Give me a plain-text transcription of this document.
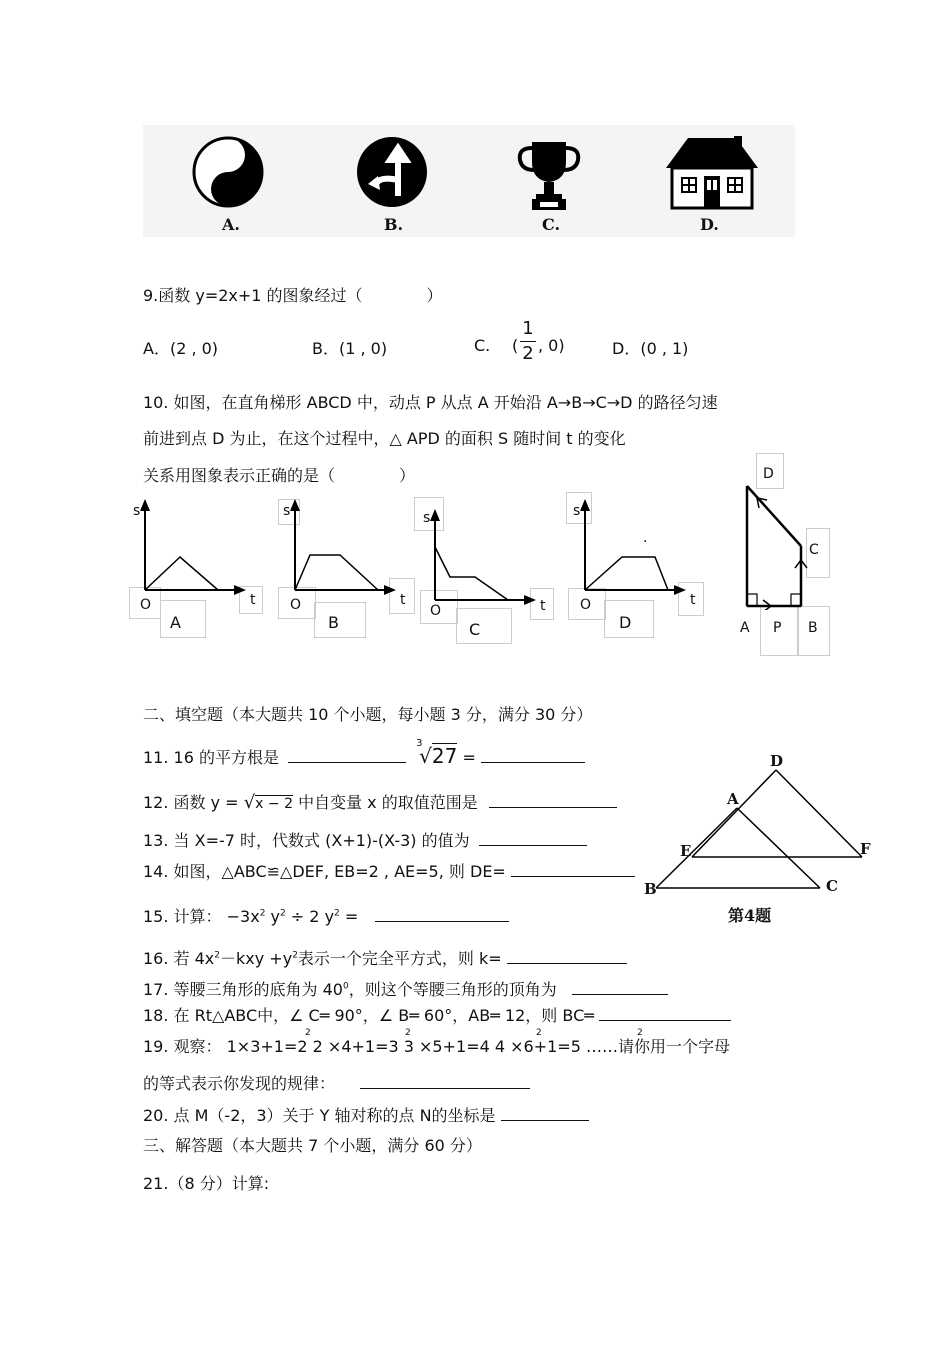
A.	B.	C.	D.
9.函数 y=2x+1 的图象经过（　　　　）
A．(2 , 0)	B．(1 , 0)	C. (
1
2 , 0)	D．(0 , 1)
10. 如图，在直角梯形 ABCD 中，动点 P 从点 A 开始沿 A→B→C→D 的路径匀速
前进到点 D 为止，在这个过程中，△ APD 的面积 S 随时间 t 的变化
关系用图象表示正确的是（　　　　）
s
O	t
A
s
O	t
B
s
O	t
C
s
.
O	t
D
D
C
A P B
二、填空题（本大题共 10 个小题，每小题 3 分，满分 30 分）
11. 16 的平方根是
3
√27 =
12. 函数 y = √x − 2 中自变量 x 的取值范围是
13. 当 X=-7 时，代数式 (X+1)-(X-3) 的值为
14. 如图，△ABC≌△DEF, EB=2 , AE=5, 则 DE=
15. 计算： $-3x^2$ $y^2 \div 2$ $y^2$ =
D
A
E	F
B	C
第4题
16. 若 $4x^2-kxy +y^2$表示一个完全平方式，则 k=
17. 等腰三角形的底角为 $40^0$，则这个等腰三角形的顶角为
18. 在 Rt△ABC中，∠ C═ 90°，∠ B═ 60°，AB═ 12，则 BC═
19. 观察： 1×3+1=2 2 ×4+1=3 3 ×5+1=4 4 ×6+1=5 ……请你用一个字母
2	2	2	2
的等式表示你发现的规律：
20. 点 M（-2，3）关于 Y 轴对称的点 N的坐标是
三、解答题（本大题共 7 个小题，满分 60 分）
21.（8 分）计算:
